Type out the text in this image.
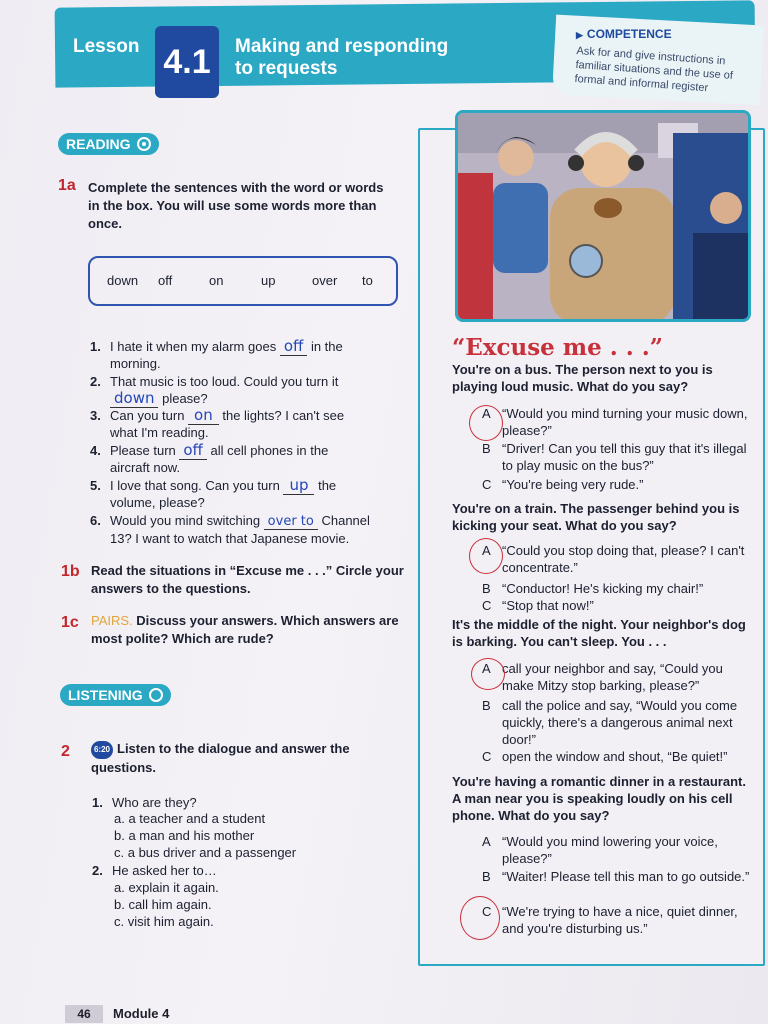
Lesson 4.1	Making and responding
to requests
▶ COMPETENCE
Ask for and give instructions in familiar situations and the use of formal and informal register
READING
1a Complete the sentences with the word or words in the box. You will use some words more than once.
down off	on	up	over to
1. I hate it when my alarm goes off in the
morning.
2. That music is too loud. Could you turn it
down please?
3. Can you turn on the lights? I can't see
what I'm reading.
4. Please turn off all cell phones in the
aircraft now.
5. I love that song. Can you turn up the
volume, please?
6. Would you mind switching over to Channel
13? I want to watch that Japanese movie.
1b Read the situations in “Excuse me . . .” Circle your answers to the questions.
1c PAIRS. Discuss your answers. Which answers are most polite? Which are rude?
LISTENING
2	6:20 Listen to the dialogue and answer the questions.
1. Who are they?
a. a teacher and a student
b. a man and his mother
c. a bus driver and a passenger
2. He asked her to…
a. explain it again.
b. call him again.
c. visit him again.
“Excuse me . . .”
You're on a bus. The person next to you is playing loud music. What do you say?
A “Would you mind turning your music down, please?”
B “Driver! Can you tell this guy that it's illegal to play music on the bus?”
C “You're being very rude.”
You're on a train. The passenger behind you is kicking your seat. What do you say?
A “Could you stop doing that, please? I can't concentrate.”
B “Conductor! He's kicking my chair!”
C “Stop that now!”
It's the middle of the night. Your neighbor's dog is barking. You can't sleep. You . . .
A call your neighbor and say, “Could you make Mitzy stop barking, please?”
B call the police and say, “Would you come quickly, there's a dangerous animal next door!”
C open the window and shout, “Be quiet!”
You're having a romantic dinner in a restaurant. A man near you is speaking loudly on his cell phone. What do you say?
A “Would you mind lowering your voice, please?”
B “Waiter! Please tell this man to go outside.”
C “We're trying to have a nice, quiet dinner, and you're disturbing us.”
46	Module 4
